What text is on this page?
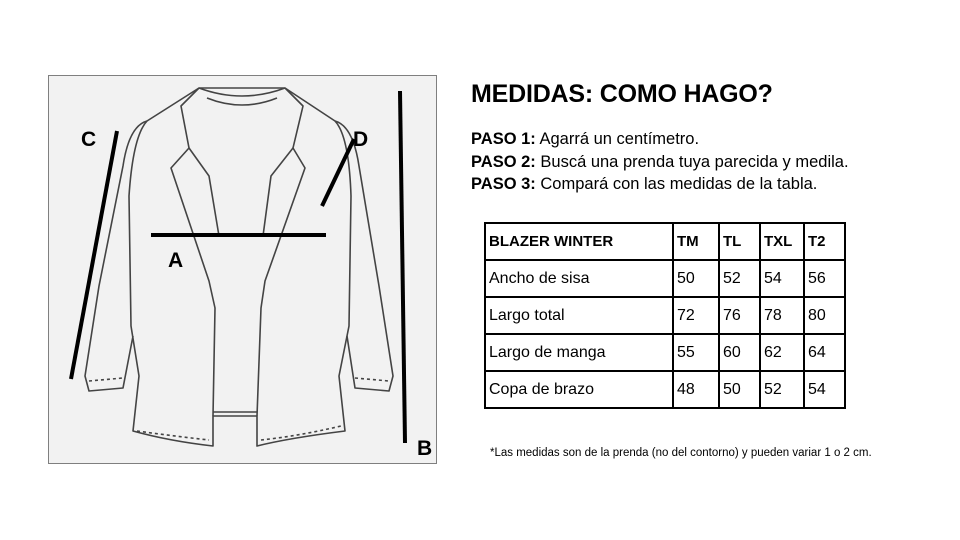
A
B
C	D
MEDIDAS: COMO HAGO?
PASO 1: Agarrá un centímetro.
PASO 2: Buscá una prenda tuya parecida y medila.
PASO 3: Compará con las medidas de la tabla.
BLAZER WINTER	TM	TL	TXL	T2
Ancho de sisa	50	52	54	56
Largo total	72	76	78	80
Largo de manga	55	60	62	64
Copa de brazo	48	50	52	54
*Las medidas son de la prenda (no del contorno) y pueden variar 1 o 2 cm.
